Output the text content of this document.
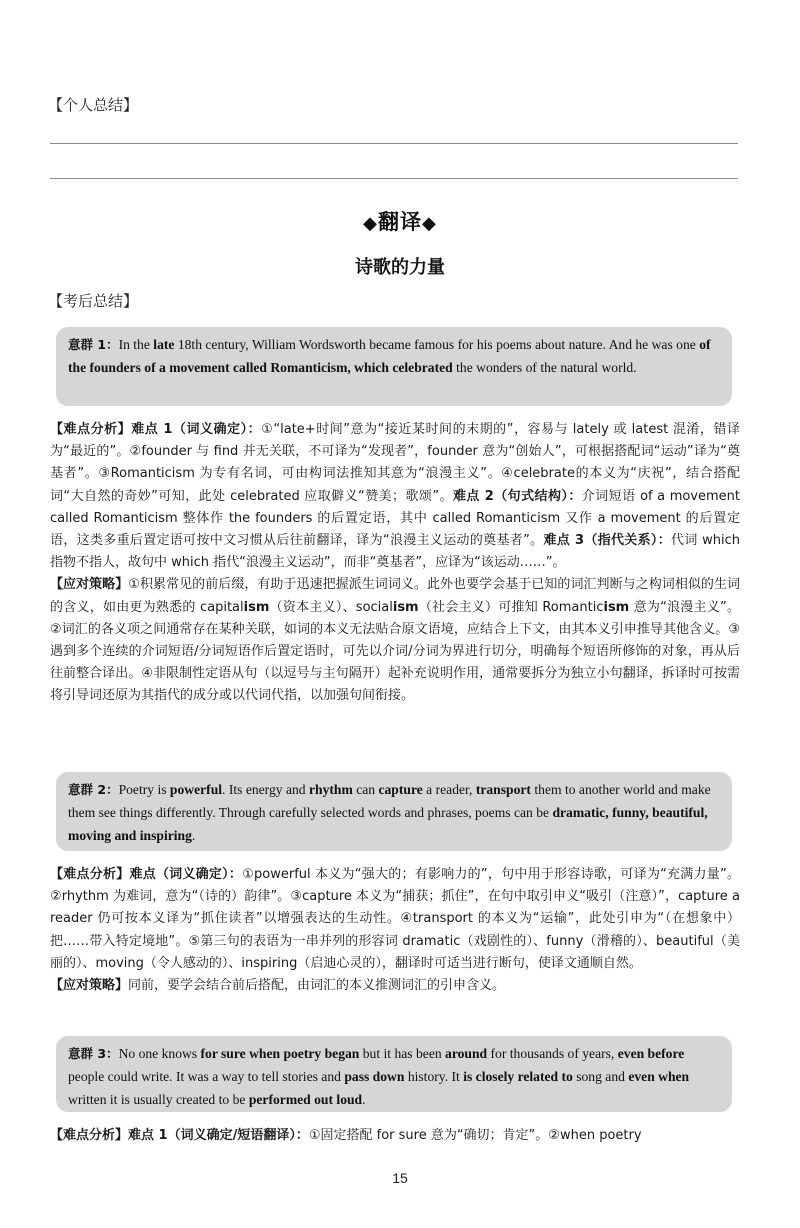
【个人总结】
◆翻译◆
诗歌的力量
【考后总结】
意群 1：In the late 18th century, William Wordsworth became famous for his poems about nature. And he was one of the founders of a movement called Romanticism, which celebrated the wonders of the natural world.
【难点分析】难点 1（词义确定）：①“late+时间”意为“接近某时间的末期的”，容易与 lately 或 latest 混淆，错译为“最近的”。②founder 与 find 并无关联，不可译为“发现者”，founder 意为“创始人”，可根据搭配词“运动”译为“奠基者”。③Romanticism 为专有名词，可由构词法推知其意为“浪漫主义”。④celebrate的本义为“庆祝”，结合搭配词“大自然的奇妙”可知，此处 celebrated 应取僻义“赞美；歌颂”。难点 2（句式结构）：介词短语 of a movement called Romanticism 整体作 the founders 的后置定语，其中 called Romanticism 又作 a movement 的后置定语，这类多重后置定语可按中文习惯从后往前翻译，译为“浪漫主义运动的奠基者”。难点 3（指代关系）：代词 which 指物不指人，故句中 which 指代“浪漫主义运动”，而非“奠基者”，应译为“该运动……”。
【应对策略】①积累常见的前后缀，有助于迅速把握派生词词义。此外也要学会基于已知的词汇判断与之构词相似的生词的含义，如由更为熟悉的 capitalism（资本主义）、socialism（社会主义）可推知 Romanticism 意为“浪漫主义”。②词汇的各义项之间通常存在某种关联，如词的本义无法贴合原文语境，应结合上下文，由其本义引申推导其他含义。③遇到多个连续的介词短语/分词短语作后置定语时，可先以介词/分词为界进行切分，明确每个短语所修饰的对象，再从后往前整合译出。④非限制性定语从句（以逗号与主句隔开）起补充说明作用，通常要拆分为独立小句翻译，拆译时可按需将引导词还原为其指代的成分或以代词代指，以加强句间衔接。
意群 2：Poetry is powerful. Its energy and rhythm can capture a reader, transport them to another world and make them see things differently. Through carefully selected words and phrases, poems can be dramatic, funny, beautiful, moving and inspiring.
【难点分析】难点（词义确定）：①powerful 本义为“强大的；有影响力的”，句中用于形容诗歌，可译为“充满力量”。②rhythm 为难词，意为“（诗的）韵律”。③capture 本义为“捕获；抓住”，在句中取引申义“吸引（注意）”，capture a reader 仍可按本义译为“抓住读者”以增强表达的生动性。④transport 的本义为“运输”，此处引申为“（在想象中）把……带入特定境地”。⑤第三句的表语为一串并列的形容词 dramatic（戏剧性的）、funny（滑稽的）、beautiful（美丽的）、moving（令人感动的）、inspiring（启迪心灵的），翻译时可适当进行断句，使译文通顺自然。
【应对策略】同前，要学会结合前后搭配，由词汇的本义推测词汇的引申含义。
意群 3：No one knows for sure when poetry began but it has been around for thousands of years, even before people could write. It was a way to tell stories and pass down history. It is closely related to song and even when written it is usually created to be performed out loud.
【难点分析】难点 1（词义确定/短语翻译）：①固定搭配 for sure 意为“确切；肯定”。②when poetry
15
